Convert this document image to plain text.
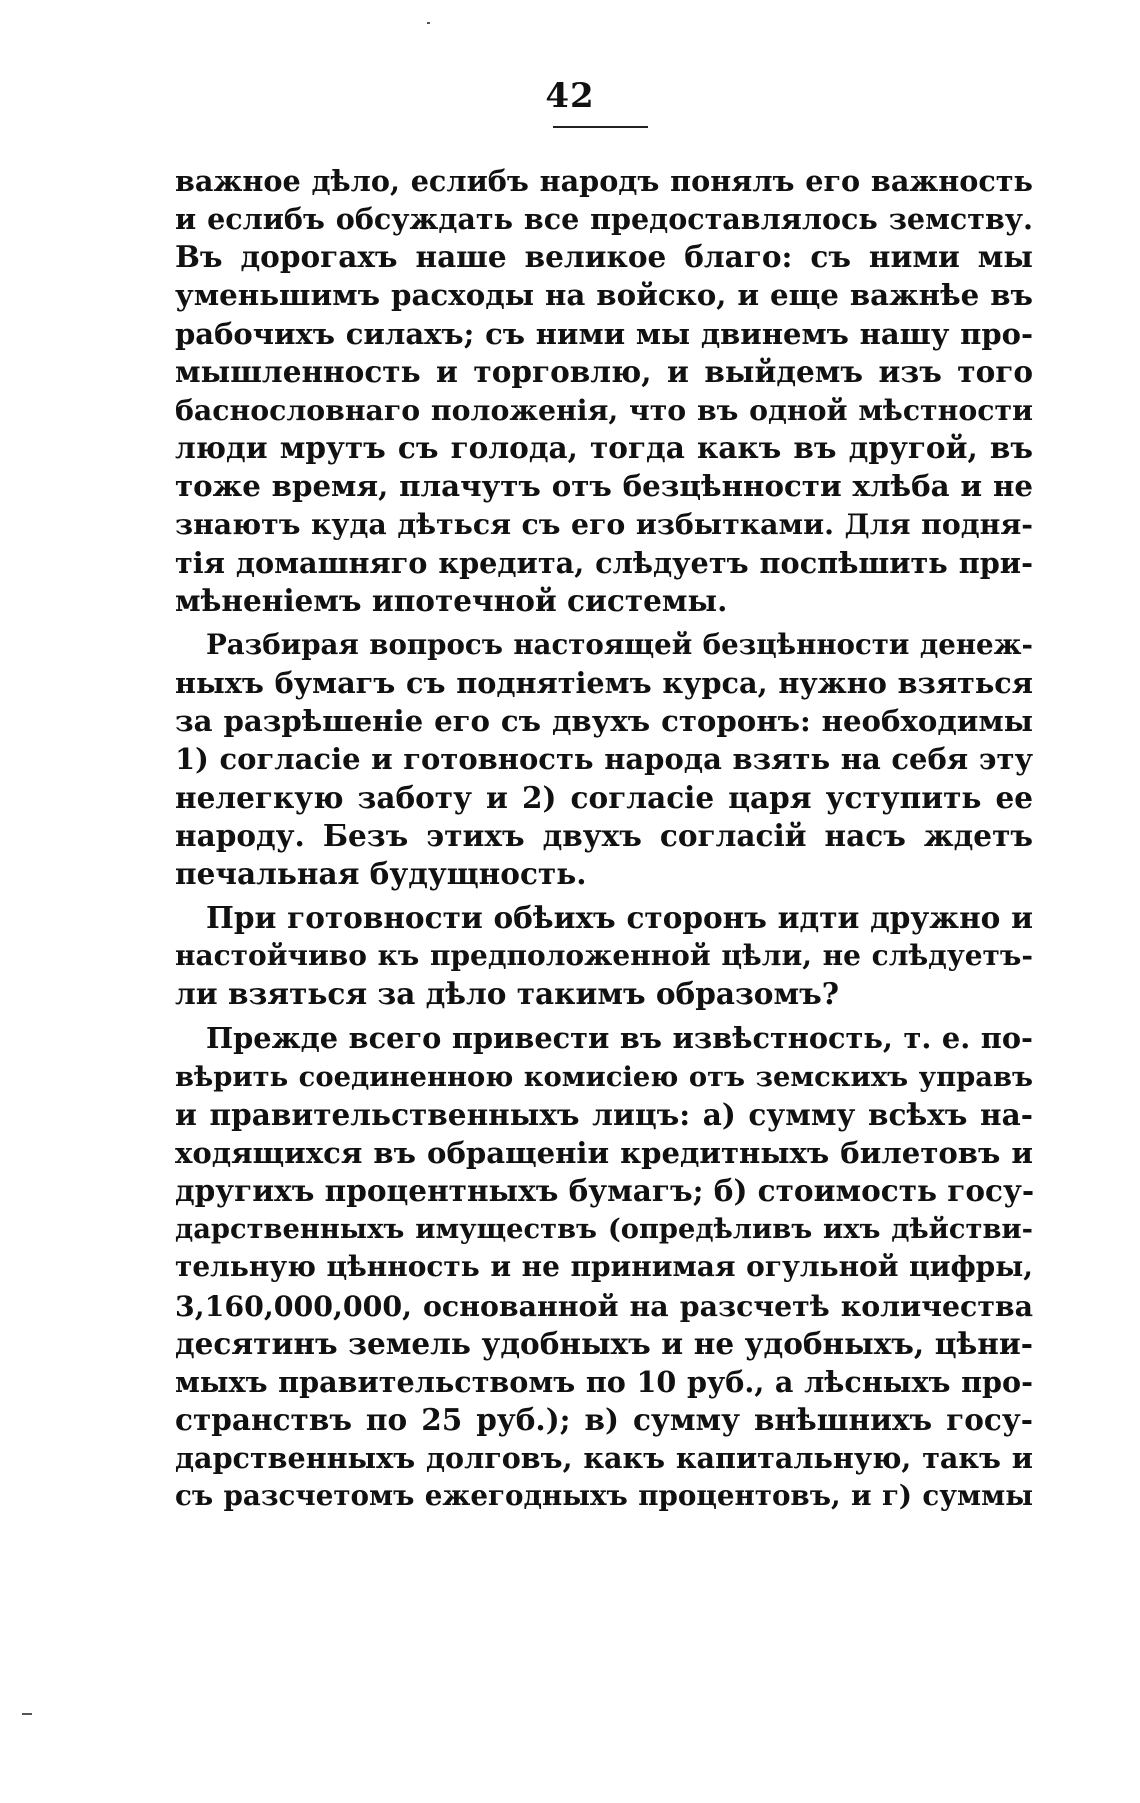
42
важное дѣло, еслибъ народъ понялъ его важность
и еслибъ обсуждать все предоставлялось земству.
Въ дорогахъ наше великое благо: съ ними мы
уменьшимъ расходы на войско, и еще важнѣе въ
рабочихъ силахъ; съ ними мы двинемъ нашу про-
мышленность и торговлю, и выйдемъ изъ того
баснословнаго положенія, что въ одной мѣстности
люди мрутъ съ голода, тогда какъ въ другой, въ
тоже время, плачутъ отъ безцѣнности хлѣба и не
знаютъ куда дѣться съ его избытками. Для подня-
тія домашняго кредита, слѣдуетъ поспѣшить при-
мѣненіемъ ипотечной системы.
Разбирая вопросъ настоящей безцѣнности денеж-
ныхъ бумагъ съ поднятіемъ курса, нужно взяться
за разрѣшеніе его съ двухъ сторонъ: необходимы
1) согласіе и готовность народа взять на себя эту
нелегкую заботу и 2) согласіе царя уступить ее
народу. Безъ этихъ двухъ согласій насъ ждетъ
печальная будущность.
При готовности обѣихъ сторонъ идти дружно и
настойчиво къ предположенной цѣли, не слѣдуетъ-
ли взяться за дѣло такимъ образомъ?
Прежде всего привести въ извѣстность, т. е. по-
вѣрить соединенною комисіею отъ земскихъ управъ
и правительственныхъ лицъ: а) сумму всѣхъ на-
ходящихся въ обращеніи кредитныхъ билетовъ и
другихъ процентныхъ бумагъ; б) стоимость госу-
дарственныхъ имуществъ (опредѣливъ ихъ дѣйстви-
тельную цѣнность и не принимая огульной цифры,
3,160,000,000, основанной на разсчетѣ количества
десятинъ земель удобныхъ и не удобныхъ, цѣни-
мыхъ правительствомъ по 10 руб., а лѣсныхъ про-
странствъ по 25 руб.); в) сумму внѣшнихъ госу-
дарственныхъ долговъ, какъ капитальную, такъ и
съ разсчетомъ ежегодныхъ процентовъ, и г) суммы
